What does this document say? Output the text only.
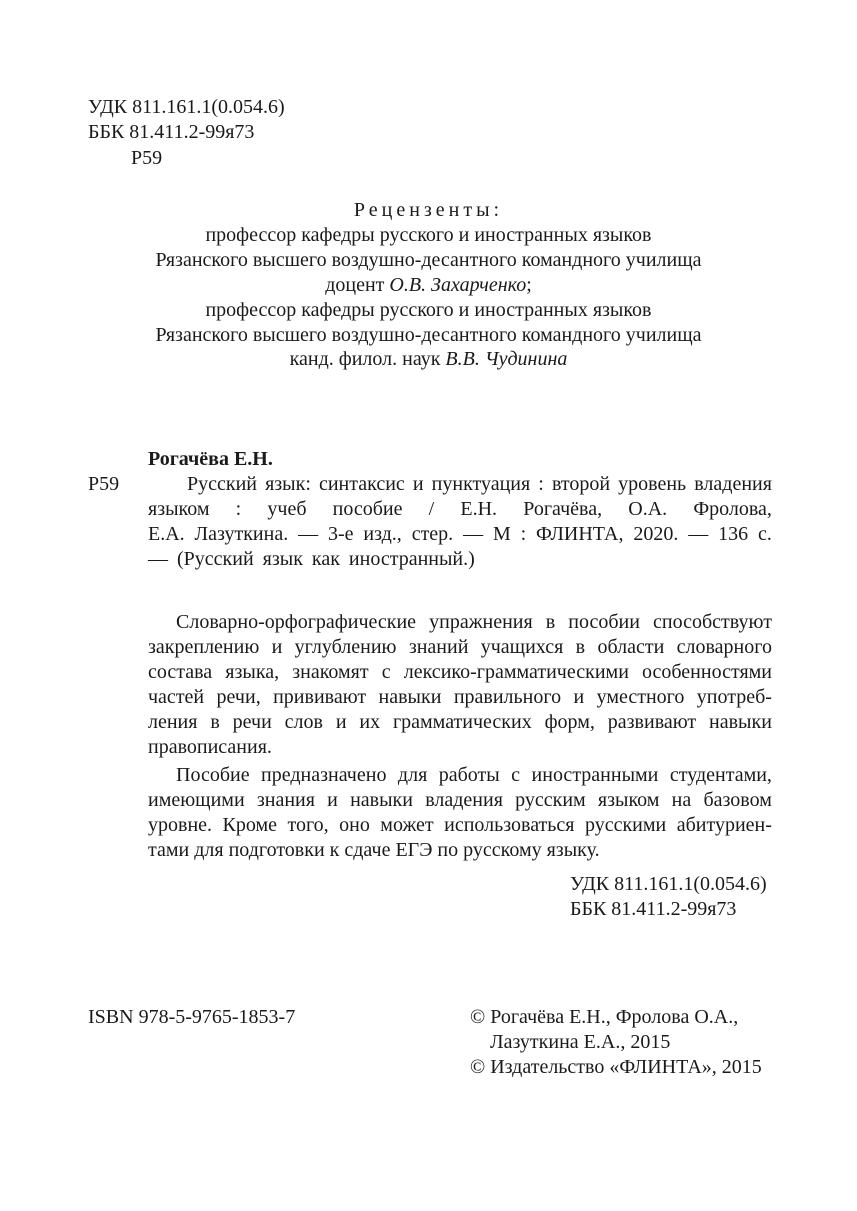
УДК 811.161.1(0.054.6)
ББК 81.411.2-99я73
Р59
Рецензенты:
профессор кафедры русского и иностранных языков
Рязанского высшего воздушно-десантного командного училища
доцент О.В. Захарченко;
профессор кафедры русского и иностранных языков
Рязанского высшего воздушно-десантного командного училища
канд. филол. наук В.В. Чудинина
Рогачёва Е.Н.
Р59	Русский язык: синтаксис и пунктуация : второй уровень владения
языком : учеб пособие / Е.Н. Рогачёва, О.А. Фролова,
Е.А. Лазуткина. — 3-е изд., стер. — М : ФЛИНТА, 2020. — 136 с.
— (Русский язык как иностранный.)
Словарно-орфографические упражнения в пособии способствуют
закреплению и углублению знаний учащихся в области словарного
состава языка, знакомят с лексико-грамматическими особенностями
частей речи, прививают навыки правильного и уместного употреб-
ления в речи слов и их грамматических форм, развивают навыки
правописания.
Пособие предназначено для работы с иностранными студентами,
имеющими знания и навыки владения русским языком на базовом
уровне. Кроме того, оно может использоваться русскими абитуриен-
тами для подготовки к сдаче ЕГЭ по русскому языку.
УДК 811.161.1(0.054.6)
ББК 81.411.2-99я73
ISBN 978-5-9765-1853-7	© Рогачёва Е.Н., Фролова О.А.,
Лазуткина Е.А., 2015
© Издательство «ФЛИНТА», 2015
